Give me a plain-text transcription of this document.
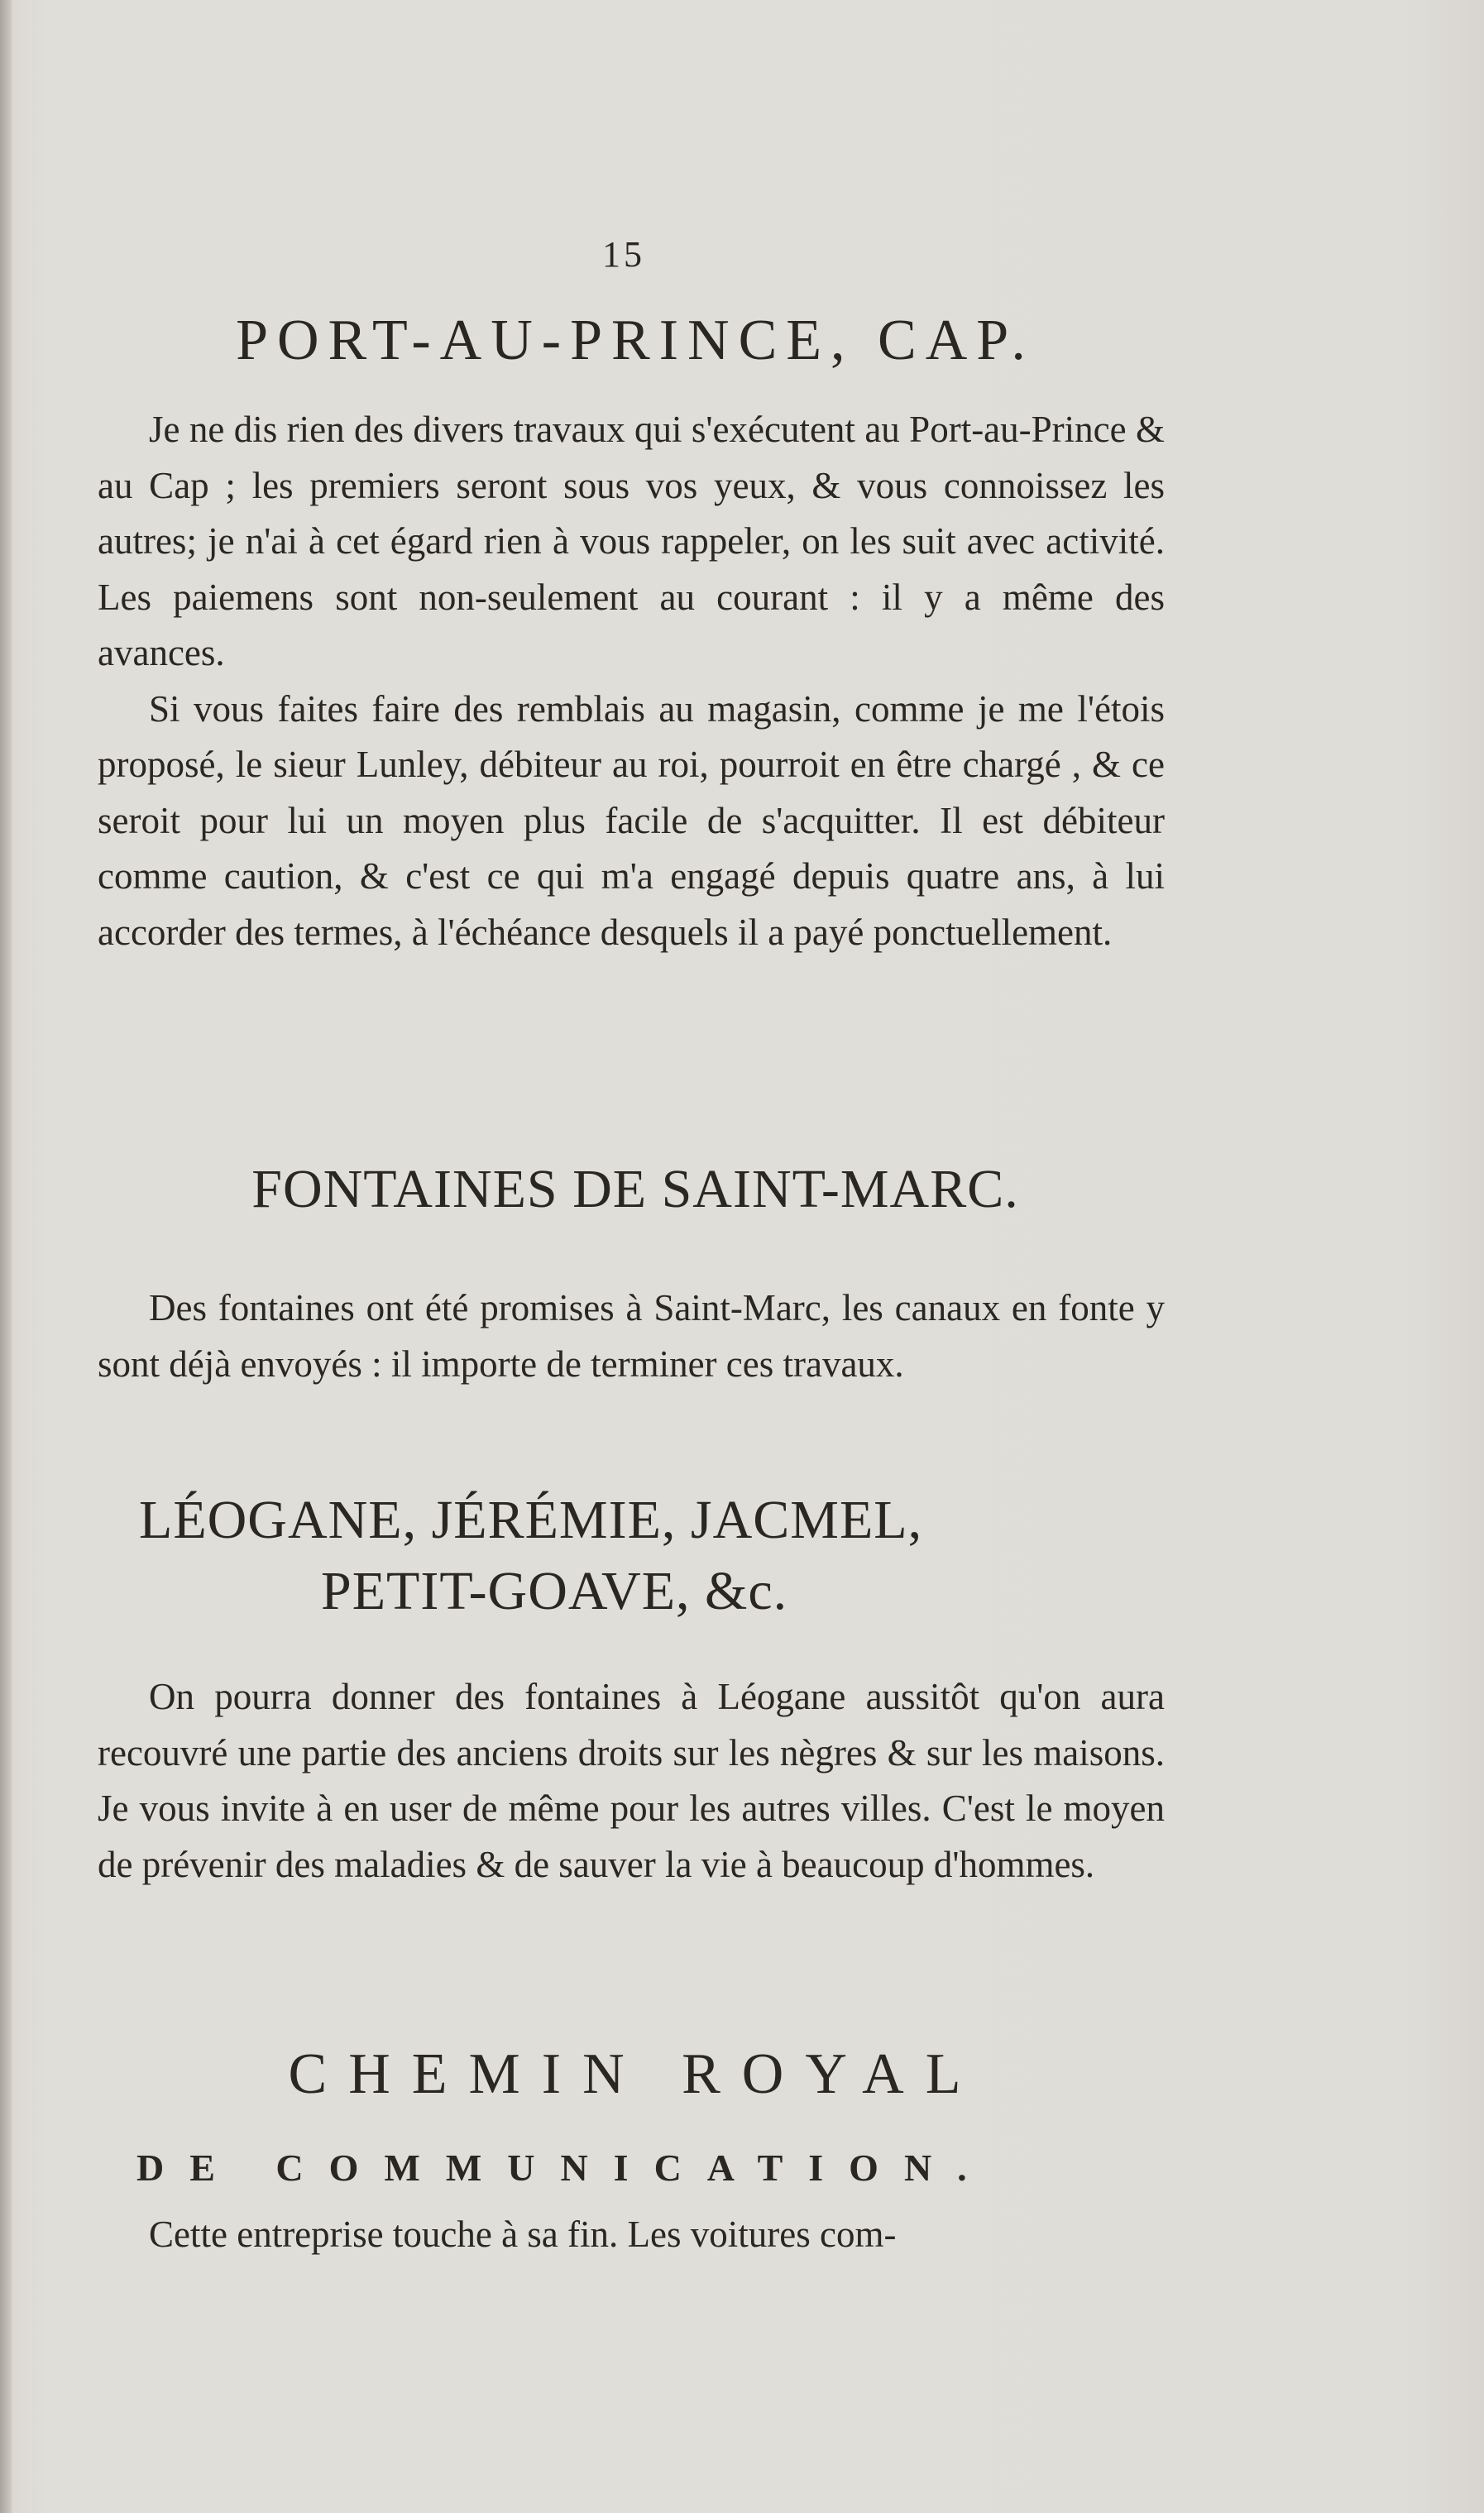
15
PORT-AU-PRINCE, CAP.

Je ne dis rien des divers travaux qui s'exécutent au Port-au-Prince & au Cap ; les premiers seront sous vos yeux, & vous connoissez les autres; je n'ai à cet égard rien à vous rappeler, on les suit avec activité. Les paiemens sont non-seulement au courant : il y a même des avances.

Si vous faites faire des remblais au magasin, comme je me l'étois proposé, le sieur Lunley, débiteur au roi, pourroit en être chargé , & ce seroit pour lui un moyen plus facile de s'acquitter. Il est débiteur comme caution, & c'est ce qui m'a engagé depuis quatre ans, à lui accorder des termes, à l'échéance desquels il a payé ponctuellement.

FONTAINES DE SAINT-MARC.

Des fontaines ont été promises à Saint-Marc, les canaux en fonte y sont déjà envoyés : il importe de terminer ces travaux.

LÉOGANE, JÉRÉMIE, JACMEL,
PETIT-GOAVE, &c.

On pourra donner des fontaines à Léogane aussitôt qu'on aura recouvré une partie des anciens droits sur les nègres & sur les maisons. Je vous invite à en user de même pour les autres villes. C'est le moyen de prévenir des maladies & de sauver la vie à beaucoup d'hommes.

CHEMIN ROYAL
DE COMMUNICATION.

Cette entreprise touche à sa fin. Les voitures com-
